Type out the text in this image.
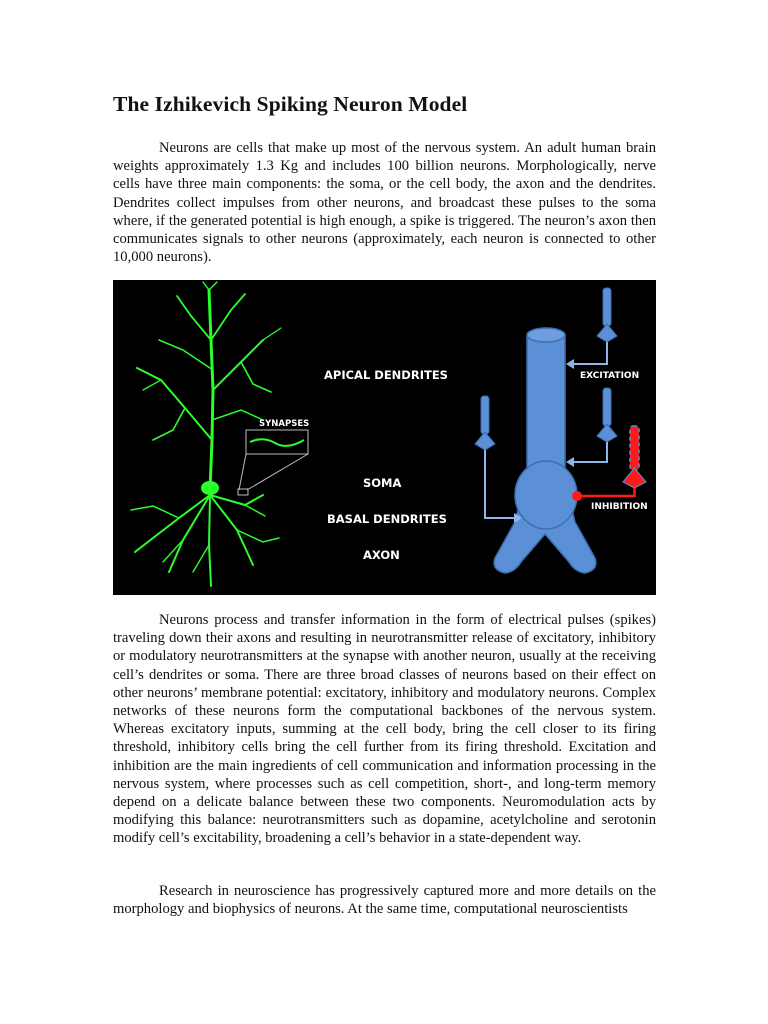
The Izhikevich Spiking Neuron Model

Neurons are cells that make up most of the nervous system. An adult human brain weights approximately 1.3 Kg and includes 100 billion neurons. Morphologically, nerve cells have three main components: the soma, or the cell body, the axon and the dendrites. Dendrites collect impulses from other neurons, and broadcast these pulses to the soma where, if the generated potential is high enough, a spike is triggered. The neuron’s axon then communicates signals to other neurons (approximately, each neuron is connected to other 10,000 neurons).

SYNAPSES
APICAL DENDRITES
SOMA
BASAL DENDRITES
AXON
EXCITATION
INHIBITION

Neurons process and transfer information in the form of electrical pulses (spikes) traveling down their axons and resulting in neurotransmitter release of excitatory, inhibitory or modulatory neurotransmitters at the synapse with another neuron, usually at the receiving cell’s dendrites or soma. There are three broad classes of neurons based on their effect on other neurons’ membrane potential: excitatory, inhibitory and modulatory neurons. Complex networks of these neurons form the computational backbones of the nervous system. Whereas excitatory inputs, summing at the cell body, bring the cell closer to its firing threshold, inhibitory cells bring the cell further from its firing threshold. Excitation and inhibition are the main ingredients of cell communication and information processing in the nervous system, where processes such as cell competition, short-, and long-term memory depend on a delicate balance between these two components. Neuromodulation acts by modifying this balance: neurotransmitters such as dopamine, acetylcholine and serotonin modify cell’s excitability, broadening a cell’s behavior in a state-dependent way.

Research in neuroscience has progressively captured more and more details on the morphology and biophysics of neurons. At the same time, computational neuroscientists
